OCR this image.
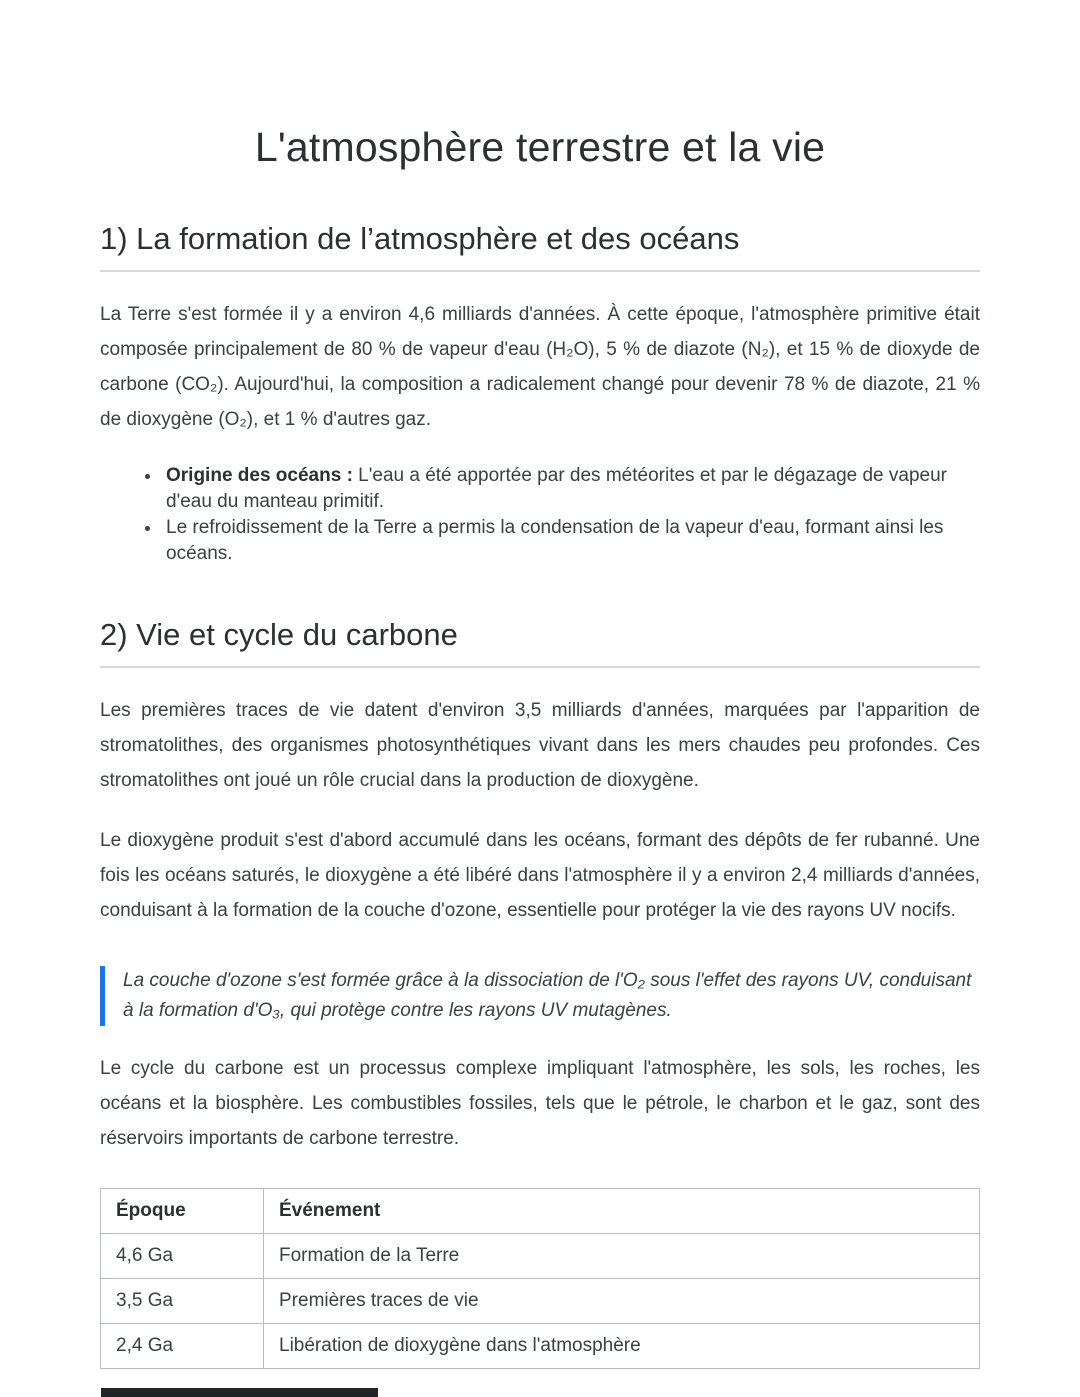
L'atmosphère terrestre et la vie
1) La formation de l’atmosphère et des océans

La Terre s'est formée il y a environ 4,6 milliards d'années. À cette époque, l'atmosphère primitive était composée principalement de 80 % de vapeur d'eau (H₂O), 5 % de diazote (N₂), et 15 % de dioxyde de carbone (CO₂). Aujourd'hui, la composition a radicalement changé pour devenir 78 % de diazote, 21 % de dioxygène (O₂), et 1 % d'autres gaz.

• Origine des océans : L'eau a été apportée par des météorites et par le dégazage de vapeur d'eau du manteau primitif.
• Le refroidissement de la Terre a permis la condensation de la vapeur d'eau, formant ainsi les océans.
2) Vie et cycle du carbone

Les premières traces de vie datent d'environ 3,5 milliards d'années, marquées par l'apparition de stromatolithes, des organismes photosynthétiques vivant dans les mers chaudes peu profondes. Ces stromatolithes ont joué un rôle crucial dans la production de dioxygène.

Le dioxygène produit s'est d'abord accumulé dans les océans, formant des dépôts de fer rubanné. Une fois les océans saturés, le dioxygène a été libéré dans l'atmosphère il y a environ 2,4 milliards d'années, conduisant à la formation de la couche d'ozone, essentielle pour protéger la vie des rayons UV nocifs.

La couche d'ozone s'est formée grâce à la dissociation de l'O₂ sous l'effet des rayons UV, conduisant à la formation d'O₃, qui protège contre les rayons UV mutagènes.

Le cycle du carbone est un processus complexe impliquant l'atmosphère, les sols, les roches, les océans et la biosphère. Les combustibles fossiles, tels que le pétrole, le charbon et le gaz, sont des réservoirs importants de carbone terrestre.

Époque	Événement
4,6 Ga	Formation de la Terre
3,5 Ga	Premières traces de vie
2,4 Ga	Libération de dioxygène dans l'atmosphère
